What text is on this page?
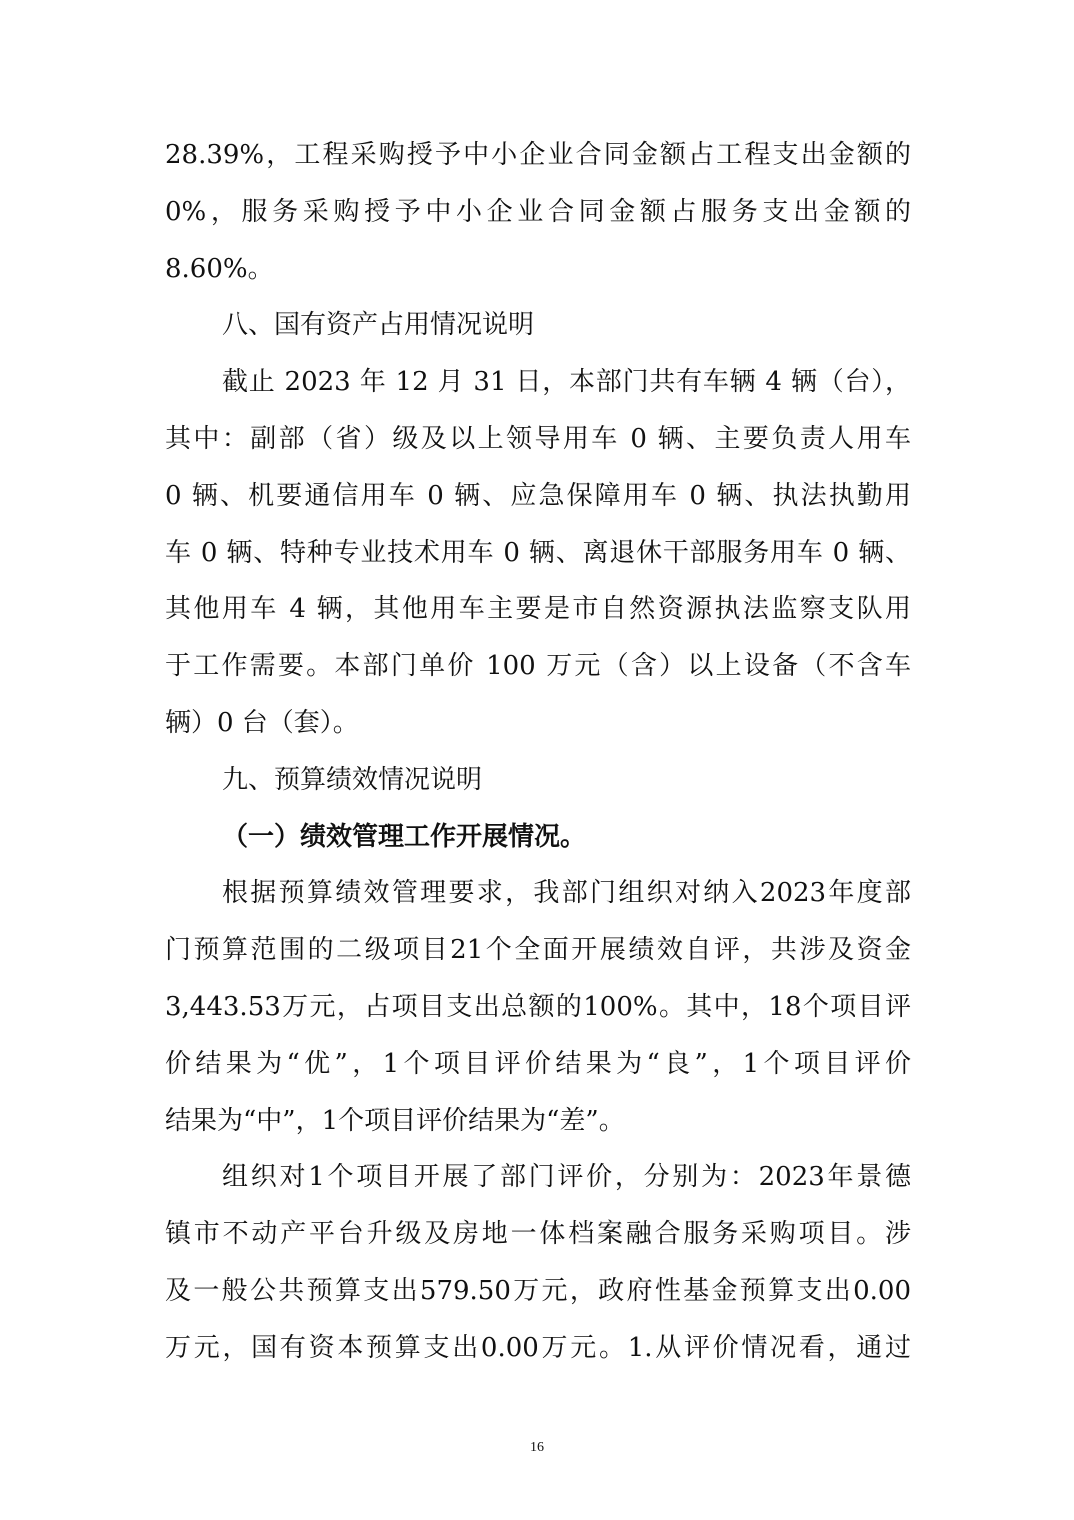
28.39%，工程采购授予中小企业合同金额占工程支出金额的
0%，服务采购授予中小企业合同金额占服务支出金额的
8.60%。
八、国有资产占用情况说明
截止 2023 年 12 月 31 日，本部门共有车辆 4 辆（台），
其中：副部（省）级及以上领导用车 0 辆、主要负责人用车
0 辆、机要通信用车 0 辆、应急保障用车 0 辆、执法执勤用
车 0 辆、特种专业技术用车 0 辆、离退休干部服务用车 0 辆、
其他用车 4 辆，其他用车主要是市自然资源执法监察支队用
于工作需要。本部门单价 100 万元（含）以上设备（不含车
辆）0 台（套）。
九、预算绩效情况说明
（一）绩效管理工作开展情况。
根据预算绩效管理要求，我部门组织对纳入2023年度部
门预算范围的二级项目21个全面开展绩效自评，共涉及资金
3,443.53万元，占项目支出总额的100%。其中，18个项目评
价结果为“优”，1个项目评价结果为“良”，1个项目评价
结果为“中”，1个项目评价结果为“差”。
组织对1个项目开展了部门评价，分别为：2023年景德
镇市不动产平台升级及房地一体档案融合服务采购项目。涉
及一般公共预算支出579.50万元，政府性基金预算支出0.00
万元，国有资本预算支出0.00万元。1.从评价情况看，通过
16
